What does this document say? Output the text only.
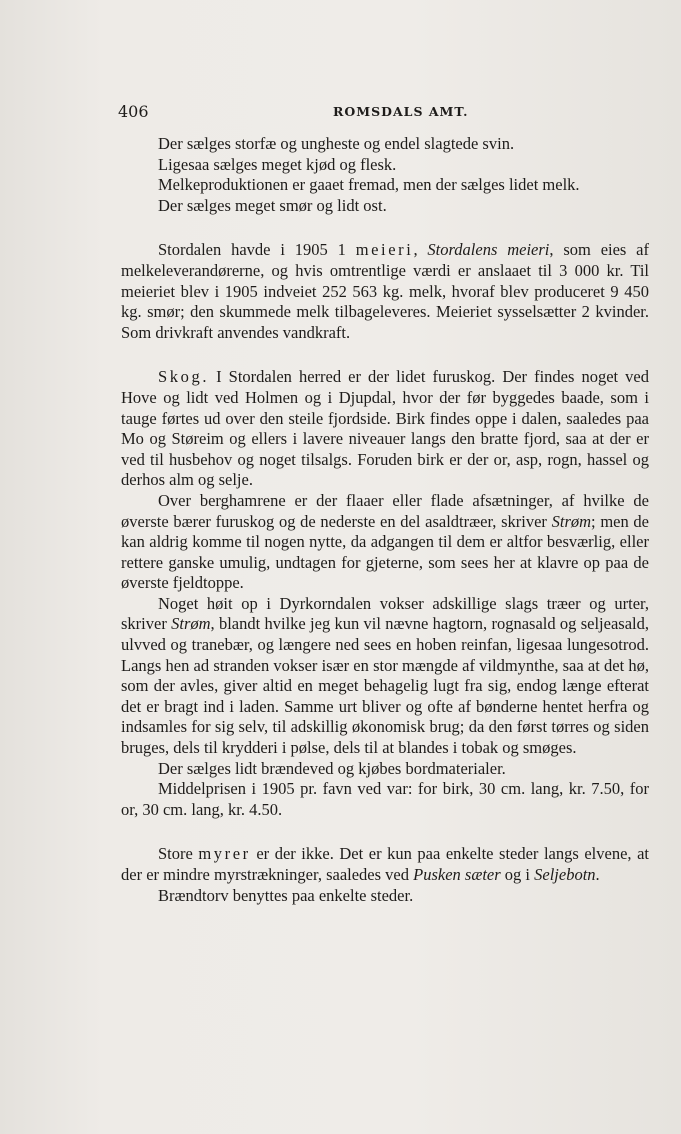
406	ROMSDALS AMT.

Der sælges storfæ og ungheste og endel slagtede svin.

Ligesaa sælges meget kjød og flesk.

Melkeproduktionen er gaaet fremad, men der sælges lidet melk.

Der sælges meget smør og lidt ost.

Stordalen havde i 1905 1 meieri, Stordalens meieri, som eies af melkeleverandørerne, og hvis omtrentlige værdi er anslaaet til 3 000 kr. Til meieriet blev i 1905 indveiet 252 563 kg. melk, hvoraf blev produceret 9 450 kg. smør; den skummede melk tilbageleveres. Meieriet sysselsætter 2 kvinder. Som drivkraft anvendes vandkraft.

Skog. I Stordalen herred er der lidet furuskog. Der findes noget ved Hove og lidt ved Holmen og i Djupdal, hvor der før byggedes baade, som i tauge førtes ud over den steile fjordside. Birk findes oppe i dalen, saaledes paa Mo og Støreim og ellers i lavere niveauer langs den bratte fjord, saa at der er ved til husbehov og noget tilsalgs. Foruden birk er der or, asp, rogn, hassel og derhos alm og selje.

Over berghamrene er der flaaer eller flade afsætninger, af hvilke de øverste bærer furuskog og de nederste en del asaldtræer, skriver Strøm; men de kan aldrig komme til nogen nytte, da adgangen til dem er altfor besværlig, eller rettere ganske umulig, undtagen for gjeterne, som sees her at klavre op paa de øverste fjeldtoppe.

Noget høit op i Dyrkorndalen vokser adskillige slags træer og urter, skriver Strøm, blandt hvilke jeg kun vil nævne hagtorn, rognasald og seljeasald, ulvved og tranebær, og længere ned sees en hoben reinfan, ligesaa lungesotrod. Langs hen ad stranden vokser især en stor mængde af vildmynthe, saa at det hø, som der avles, giver altid en meget behagelig lugt fra sig, endog længe efterat det er bragt ind i laden. Samme urt bliver og ofte af bønderne hentet herfra og indsamles for sig selv, til adskillig økonomisk brug; da den først tørres og siden bruges, dels til krydderi i pølse, dels til at blandes i tobak og smøges.

Der sælges lidt brændeved og kjøbes bordmaterialer.

Middelprisen i 1905 pr. favn ved var: for birk, 30 cm. lang, kr. 7.50, for or, 30 cm. lang, kr. 4.50.

Store myrer er der ikke. Det er kun paa enkelte steder langs elvene, at der er mindre myrstrækninger, saaledes ved Pusken sæter og i Seljebotn.

Brændtorv benyttes paa enkelte steder.
